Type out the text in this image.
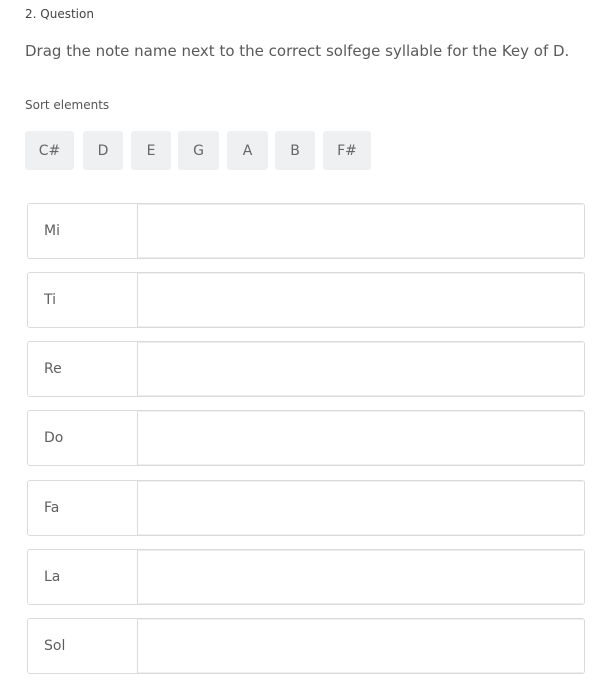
2. Question
Drag the note name next to the correct solfege syllable for the Key of D.
Sort elements
C#	D	E	G	A	B	F#
Mi
Ti
Re
Do
Fa
La
Sol
